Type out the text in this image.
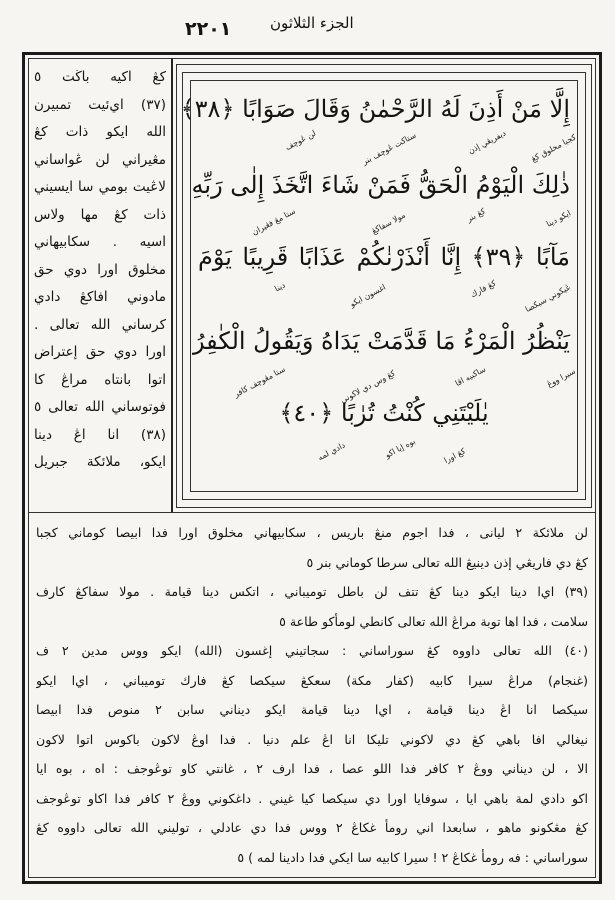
الجزء الثلاثون
٢٢٠١
إِلَّا مَنْ أَذِنَ لَهُ الرَّحْمٰنُ وَقَالَ صَوَابًا ﴿٣٨﴾
ذٰلِكَ الْيَوْمُ الْحَقُّ فَمَنْ شَاءَ اتَّخَذَ إِلٰى رَبِّهِ
مَآبًا ﴿٣٩﴾ إِنَّا أَنْذَرْنٰكُمْ عَذَابًا قَرِيبًا يَوْمَ
يَنْظُرُ الْمَرْءُ مَا قَدَّمَتْ يَدَاهُ وَيَقُولُ الْكٰفِرُ
يٰلَيْتَنِي كُنْتُ تُرٰبًا ﴿٤٠﴾
كجبا مخلوق كڠ
ديفريڠي إذن
ستاكت ڠوچف بنر
لن ڠوچف
ايكو دينا
كڠ بنر
مولا سفاكڠ
ستا مڠ فڠيران
ڠيكوني سيكصا
كڠ فارك
اغسون ايكو
دينا
سيرا ووڠ
ساكبيه اڤا
كڠ وس دي لاكوني
ستا مڠوچف كافر
بوه إيا اكو
دادي لمه	كڠ اورا
كڠ اكيه باڬت ٥
(٣٧) اي‌ئيت تمبيرن
الله ايكو ذات كڠ
مڠيراني لن ڠواساني
لاڠيت بومي سا ايسيني
ذات كڠ مها ولاس
اسيه . سكابيهاني
مخلوق اورا دوي حق
مادوني افاكڠ دادي
كرساني الله تعالى .
اورا دوي حق إعتراض
اتوا بانتاه مراڠ كا
فوتوساني الله تعالى ٥
(٣٨) انا اڠ دينا
ايكو، ملائكة جبريل
لن ملائكة ٢ ليانى ، فدا اجوم منڠ باريس ، سكابيهاني مخلوق اورا فدا ابيصا كوماني كجبا
كڠ دي فاريڠي إذن دينيڠ الله تعالى سرطا كوماني بنر ٥
(٣٩) اي‌ا دينا ايكو دينا كڠ تتف لن باطل توميباني ، اتكس دينا قيامة . مولا سفاكڠ كارف
سلامت ، فدا اها توبة مراڠ الله تعالى كانطي لومأكو طاعة ٥
(٤٠) الله تعالى داووه كڠ سوراساني : سجاتيني إغسون (الله) ايكو ووس مدين ٢ ف
(غنجام) مراڠ سيرا كابيه (كفار مكة) سعكڠ سيكصا كڠ فارك توميباني ، اي‌ا ايكو
سيكصا انا اڠ دينا قيامة ، اي‌ا دينا قيامة ايكو ديناني سابن ٢ منوص فدا ابيصا
نيغالي افا باهي كڠ دي لاكوني تليكا انا اڠ علم دنيا . فدا اوڠ لاكون باكوس اتوا لاكون
الا ، لن ديناني ووڠ ٢ كافر فدا اللو عصا ، فدا ارف ٢ ، غانتي كاو توڠوجف : اه ، بوه ايا
اكو دادي لمة باهي ايا ، سوفايا اورا دي سيكصا كيا غيني . داغكوني ووڠ ٢ كافر فدا اكاو توڠوجف
كڠ مڠكونو ماهو ، سابعدا اني رومأ غكاڠ ٢ ووس فدا دي عادلي ، توليني الله تعالى داووه كڠ
سوراساني : فه رومأ غكاڠ ٢ ! سيرا كابيه سا ايكي فدا دادينا لمه ) ٥
